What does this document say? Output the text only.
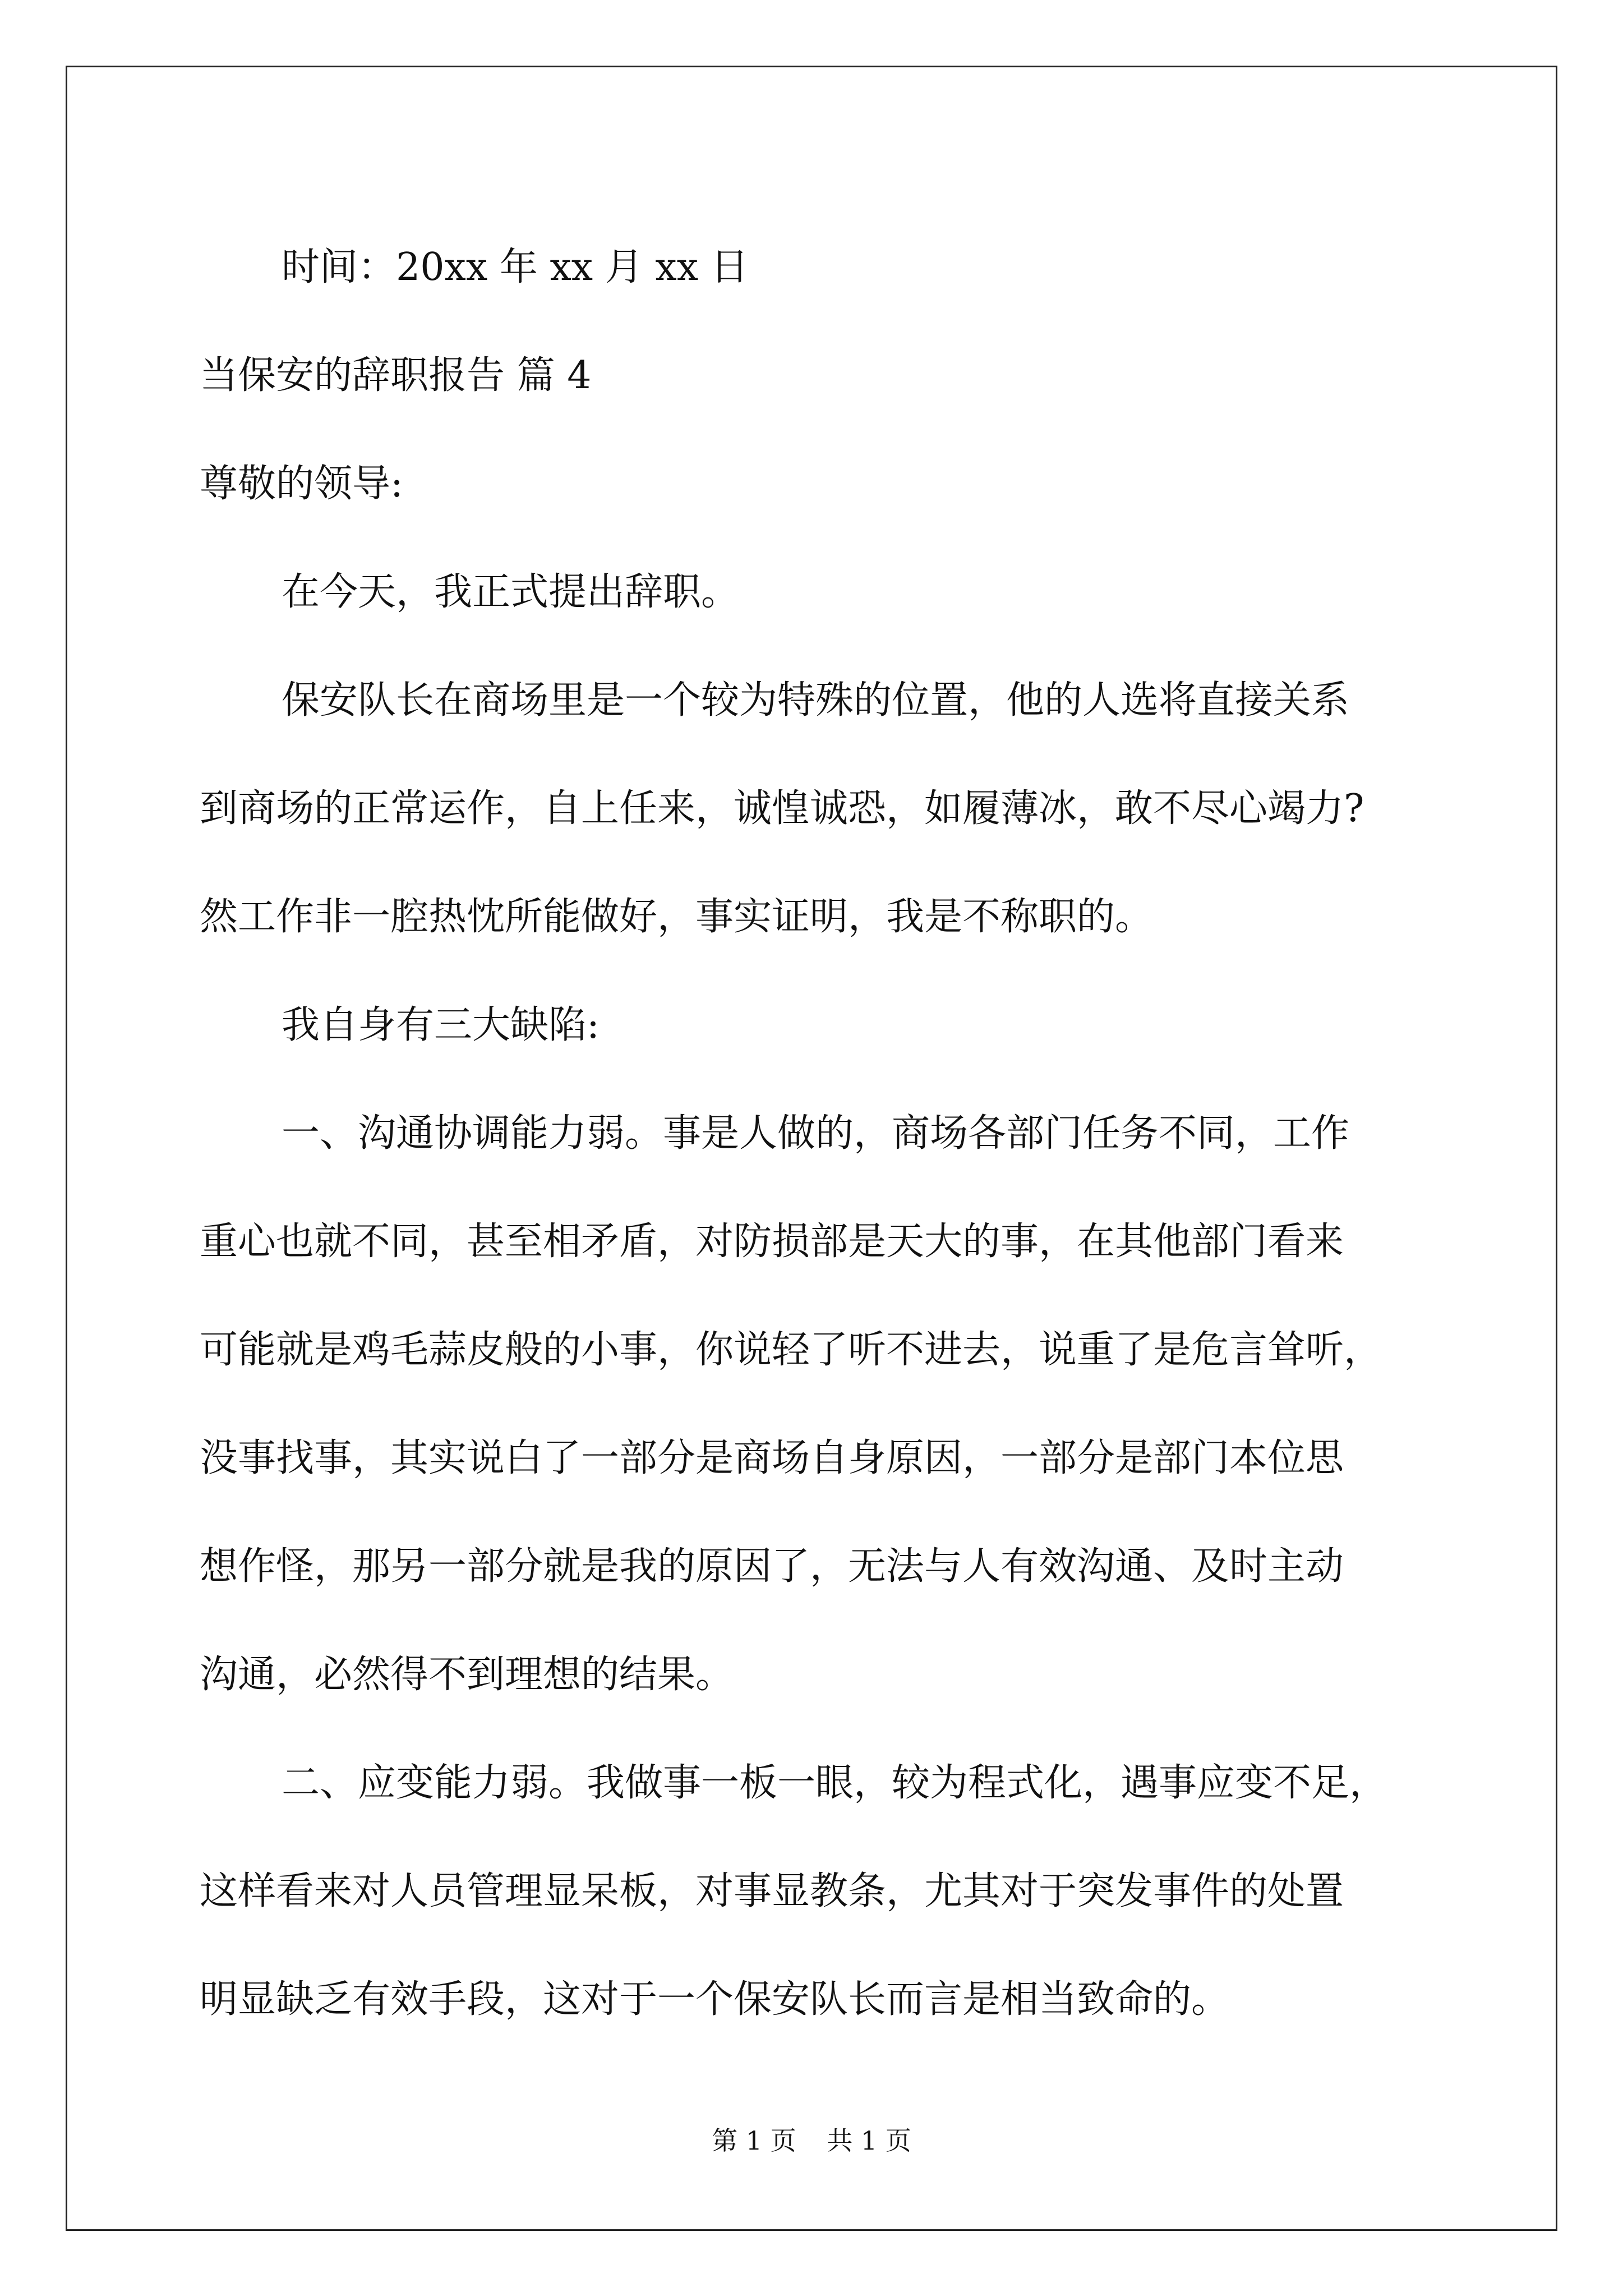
时间：20xx 年 xx 月 xx 日

当保安的辞职报告 篇 4

尊敬的领导:

在今天，我正式提出辞职。

保安队长在商场里是一个较为特殊的位置，他的人选将直接关系

到商场的正常运作，自上任来，诚惶诚恐，如履薄冰，敢不尽心竭力?

然工作非一腔热忱所能做好，事实证明，我是不称职的。

我自身有三大缺陷:

一、沟通协调能力弱。事是人做的，商场各部门任务不同，工作

重心也就不同，甚至相矛盾，对防损部是天大的事，在其他部门看来

可能就是鸡毛蒜皮般的小事，你说轻了听不进去，说重了是危言耸听，

没事找事，其实说白了一部分是商场自身原因，一部分是部门本位思

想作怪，那另一部分就是我的原因了，无法与人有效沟通、及时主动

沟通，必然得不到理想的结果。

二、应变能力弱。我做事一板一眼，较为程式化，遇事应变不足，

这样看来对人员管理显呆板，对事显教条，尤其对于突发事件的处置

明显缺乏有效手段，这对于一个保安队长而言是相当致命的。

第 1 页 共 1 页
